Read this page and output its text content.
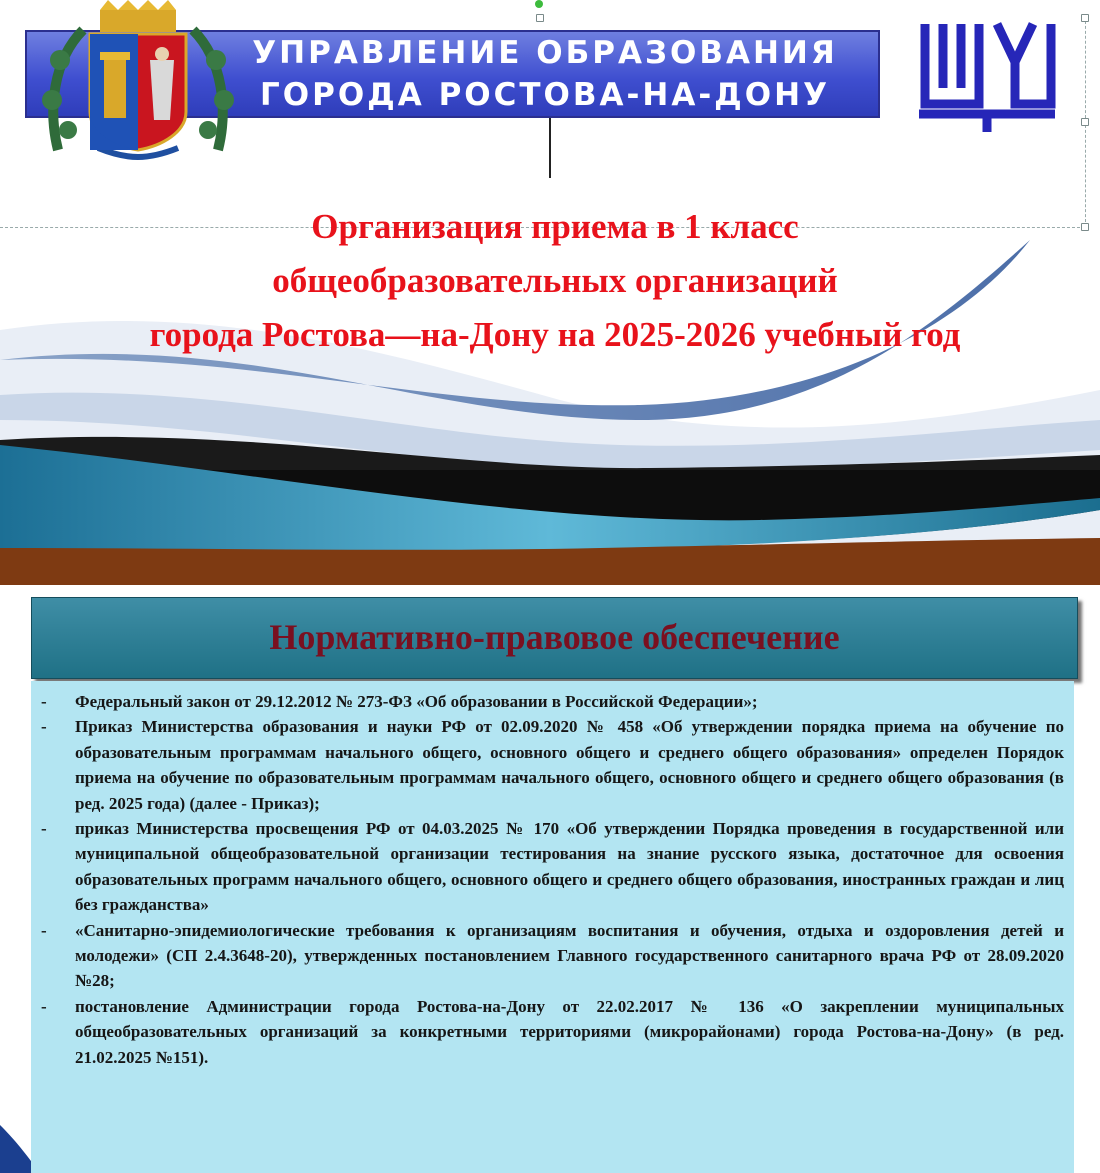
УПРАВЛЕНИЕ ОБРАЗОВАНИЯ
ГОРОДА РОСТОВА-НА-ДОНУ
Организация приема в 1 класс
общеобразовательных организаций
города Ростова—на-Дону на 2025-2026 учебный год
Нормативно-правовое обеспечение
-	Федеральный закон от 29.12.2012 № 273-ФЗ «Об образовании в Российской Федерации»;
-	Приказ Министерства образования и науки РФ от 02.09.2020 № 458 «Об утверждении порядка приема на обучение по образовательным программам начального общего, основного общего и среднего общего образования» определен Порядок приема на обучение по образовательным программам начального общего, основного общего и среднего общего образования (в ред. 2025 года) (далее - Приказ);
-	приказ Министерства просвещения РФ от 04.03.2025 № 170 «Об утверждении Порядка проведения в государственной или муниципальной общеобразовательной организации тестирования на знание русского языка, достаточное для освоения образовательных программ начального общего, основного общего и среднего общего образования, иностранных граждан и лиц без гражданства»
-	«Санитарно-эпидемиологические требования к организациям воспитания и обучения, отдыха и оздоровления детей и молодежи» (СП 2.4.3648-20), утвержденных постановлением Главного государственного санитарного врача РФ от 28.09.2020 №28;
-	постановление Администрации города Ростова-на-Дону от 22.02.2017 № 136 «О закреплении муниципальных общеобразовательных организаций за конкретными территориями (микрорайонами) города Ростова-на-Дону» (в ред. 21.02.2025 №151).
